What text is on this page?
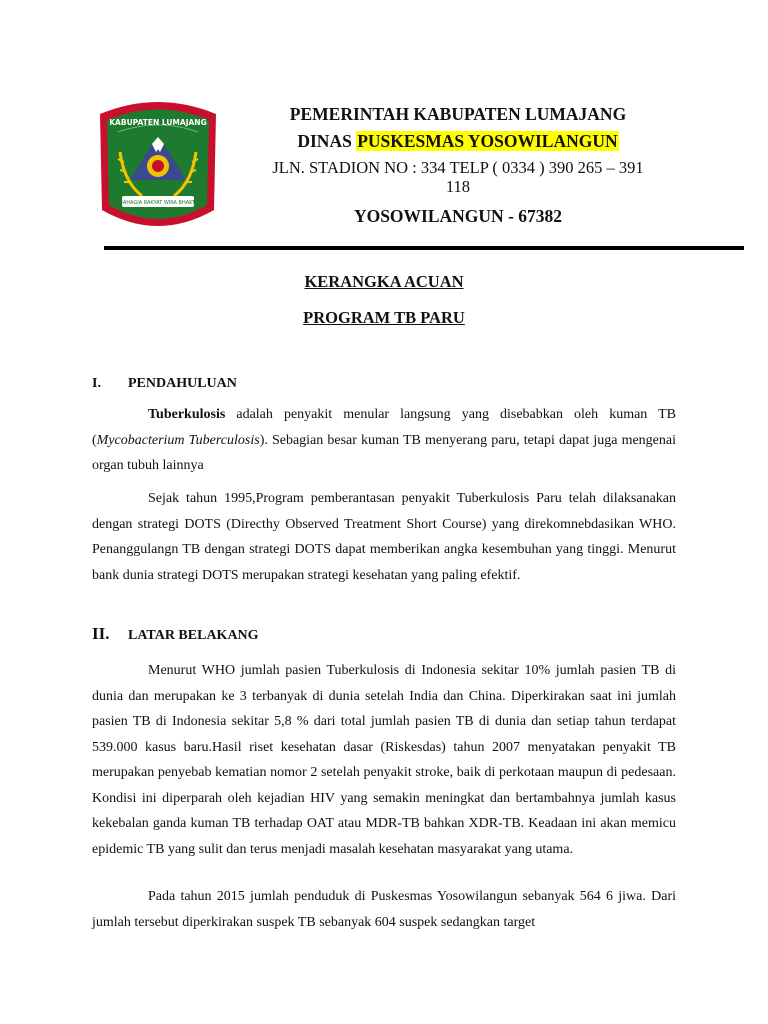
KABUPATEN LUMAJANG
BAHAGIA RAKYAT WIRA BHAKTI
PEMERINTAH KABUPATEN LUMAJANG
DINAS PUSKESMAS YOSOWILANGUN
JLN. STADION NO : 334 TELP ( 0334 ) 390 265 – 391
118
YOSOWILANGUN - 67382
KERANGKA ACUAN
PROGRAM TB PARU
I. PENDAHULUAN
Tuberkulosis adalah penyakit menular langsung yang disebabkan oleh kuman TB (Mycobacterium Tuberculosis). Sebagian besar kuman TB menyerang paru, tetapi dapat juga mengenai organ tubuh lainnya
Sejak tahun 1995,Program pemberantasan penyakit Tuberkulosis Paru telah dilaksanakan dengan strategi DOTS (Directhy Observed Treatment Short Course) yang direkomnebdasikan WHO. Penanggulangn TB dengan strategi DOTS dapat memberikan angka kesembuhan yang tinggi. Menurut bank dunia strategi DOTS merupakan strategi kesehatan yang paling efektif.
II. LATAR BELAKANG
Menurut WHO jumlah pasien Tuberkulosis di Indonesia sekitar 10% jumlah pasien TB di dunia dan merupakan ke 3 terbanyak di dunia setelah India dan China. Diperkirakan saat ini jumlah pasien TB di Indonesia sekitar 5,8 % dari total jumlah pasien TB di dunia dan setiap tahun terdapat 539.000 kasus baru.Hasil riset kesehatan dasar (Riskesdas) tahun 2007 menyatakan penyakit TB merupakan penyebab kematian nomor 2 setelah penyakit stroke, baik di perkotaan maupun di pedesaan. Kondisi ini diperparah oleh kejadian HIV yang semakin meningkat dan bertambahnya jumlah kasus kekebalan ganda kuman TB terhadap OAT atau MDR-TB bahkan XDR-TB. Keadaan ini akan memicu epidemic TB yang sulit dan terus menjadi masalah kesehatan masyarakat yang utama.
Pada tahun 2015 jumlah penduduk di Puskesmas Yosowilangun sebanyak 564 6 jiwa. Dari jumlah tersebut diperkirakan suspek TB sebanyak 604 suspek sedangkan target
